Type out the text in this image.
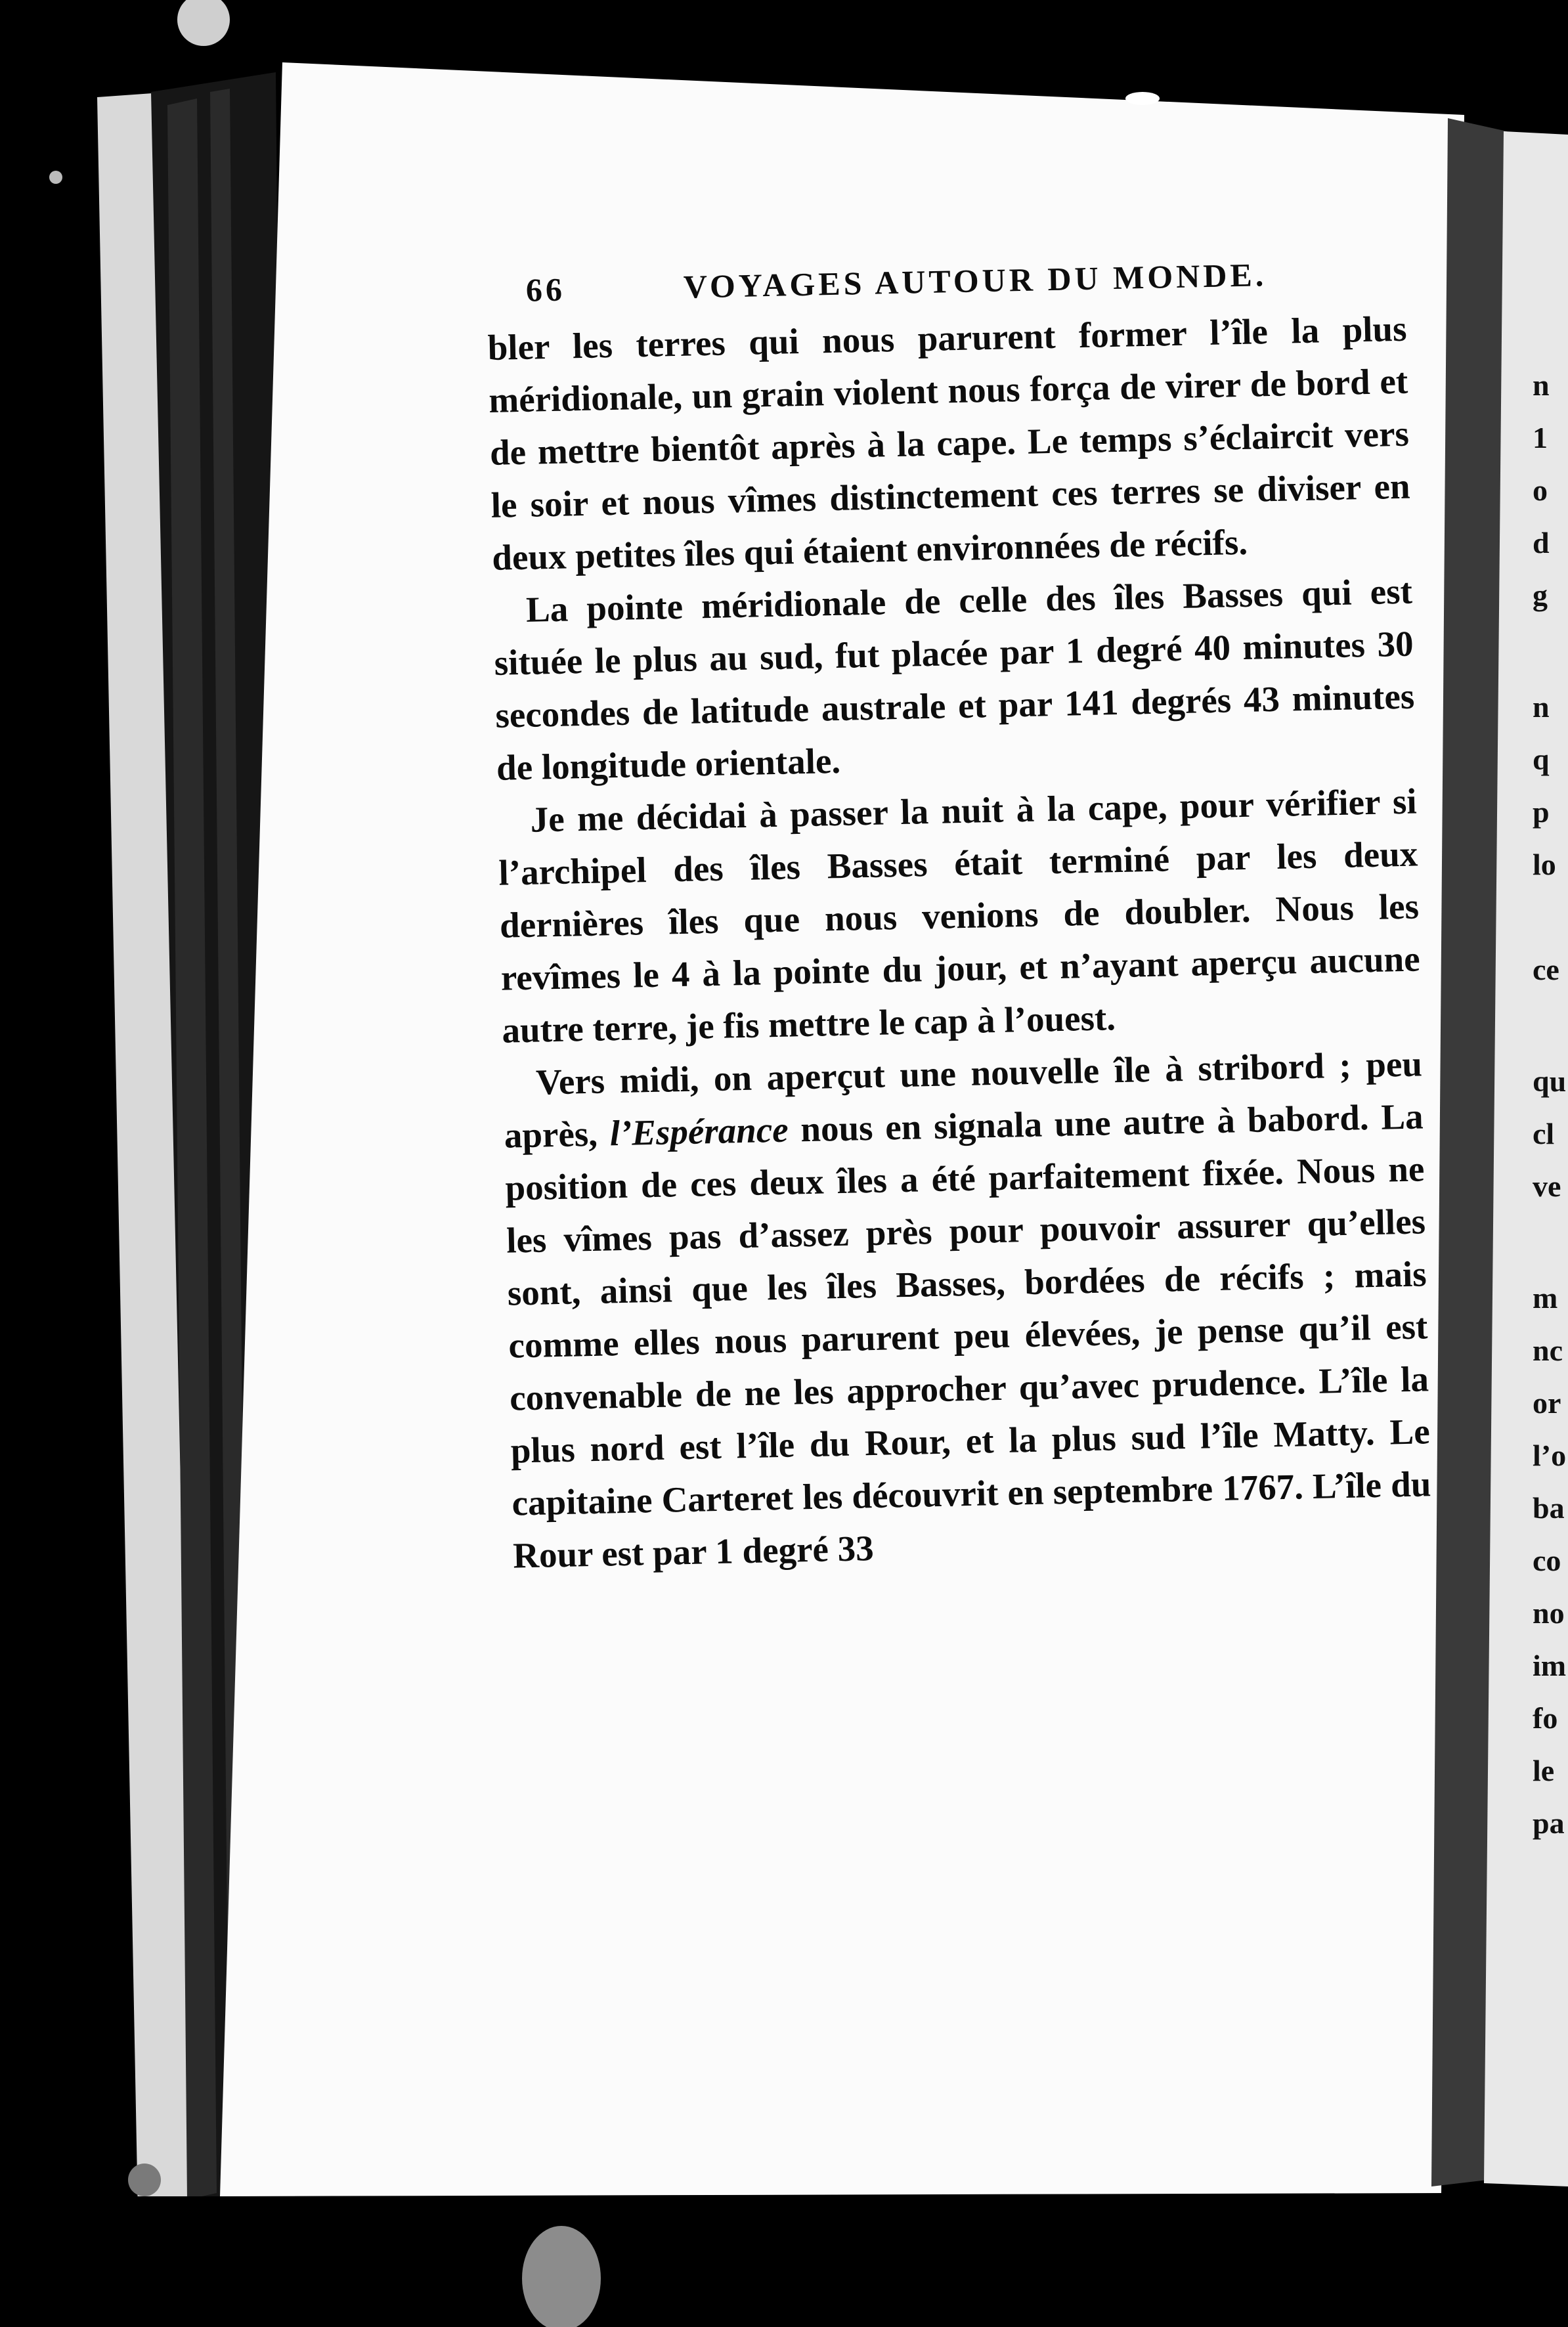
66	VOYAGES AUTOUR DU MONDE.

bler les terres qui nous parurent former l’île la plus méridionale, un grain violent nous força de virer de bord et de mettre bientôt après à la cape. Le temps s’éclaircit vers le soir et nous vîmes distinctement ces terres se diviser en deux petites îles qui étaient environnées de récifs.

La pointe méridionale de celle des îles Basses qui est située le plus au sud, fut placée par 1 degré 40 minutes 30 secondes de latitude australe et par 141 degrés 43 minutes de longitude orientale.

Je me décidai à passer la nuit à la cape, pour vérifier si l’archipel des îles Basses était terminé par les deux dernières îles que nous venions de doubler. Nous les revîmes le 4 à la pointe du jour, et n’ayant aperçu aucune autre terre, je fis mettre le cap à l’ouest.

Vers midi, on aperçut une nouvelle île à stribord ; peu après, l’Espérance nous en signala une autre à babord. La position de ces deux îles a été parfaitement fixée. Nous ne les vîmes pas d’assez près pour pouvoir assurer qu’elles sont, ainsi que les îles Basses, bordées de récifs ; mais comme elles nous parurent peu élevées, je pense qu’il est convenable de ne les approcher qu’avec prudence. L’île la plus nord est l’île du Rour, et la plus sud l’île Matty. Le capitaine Carteret les découvrit en septembre 1767. L’île du Rour est par 1 degré 33

n
1
o
d
g
n
q
p
lo
ce
qu
cl
ve
m
nc
or
l’o
ba
co
no
im
fo
le
pa
